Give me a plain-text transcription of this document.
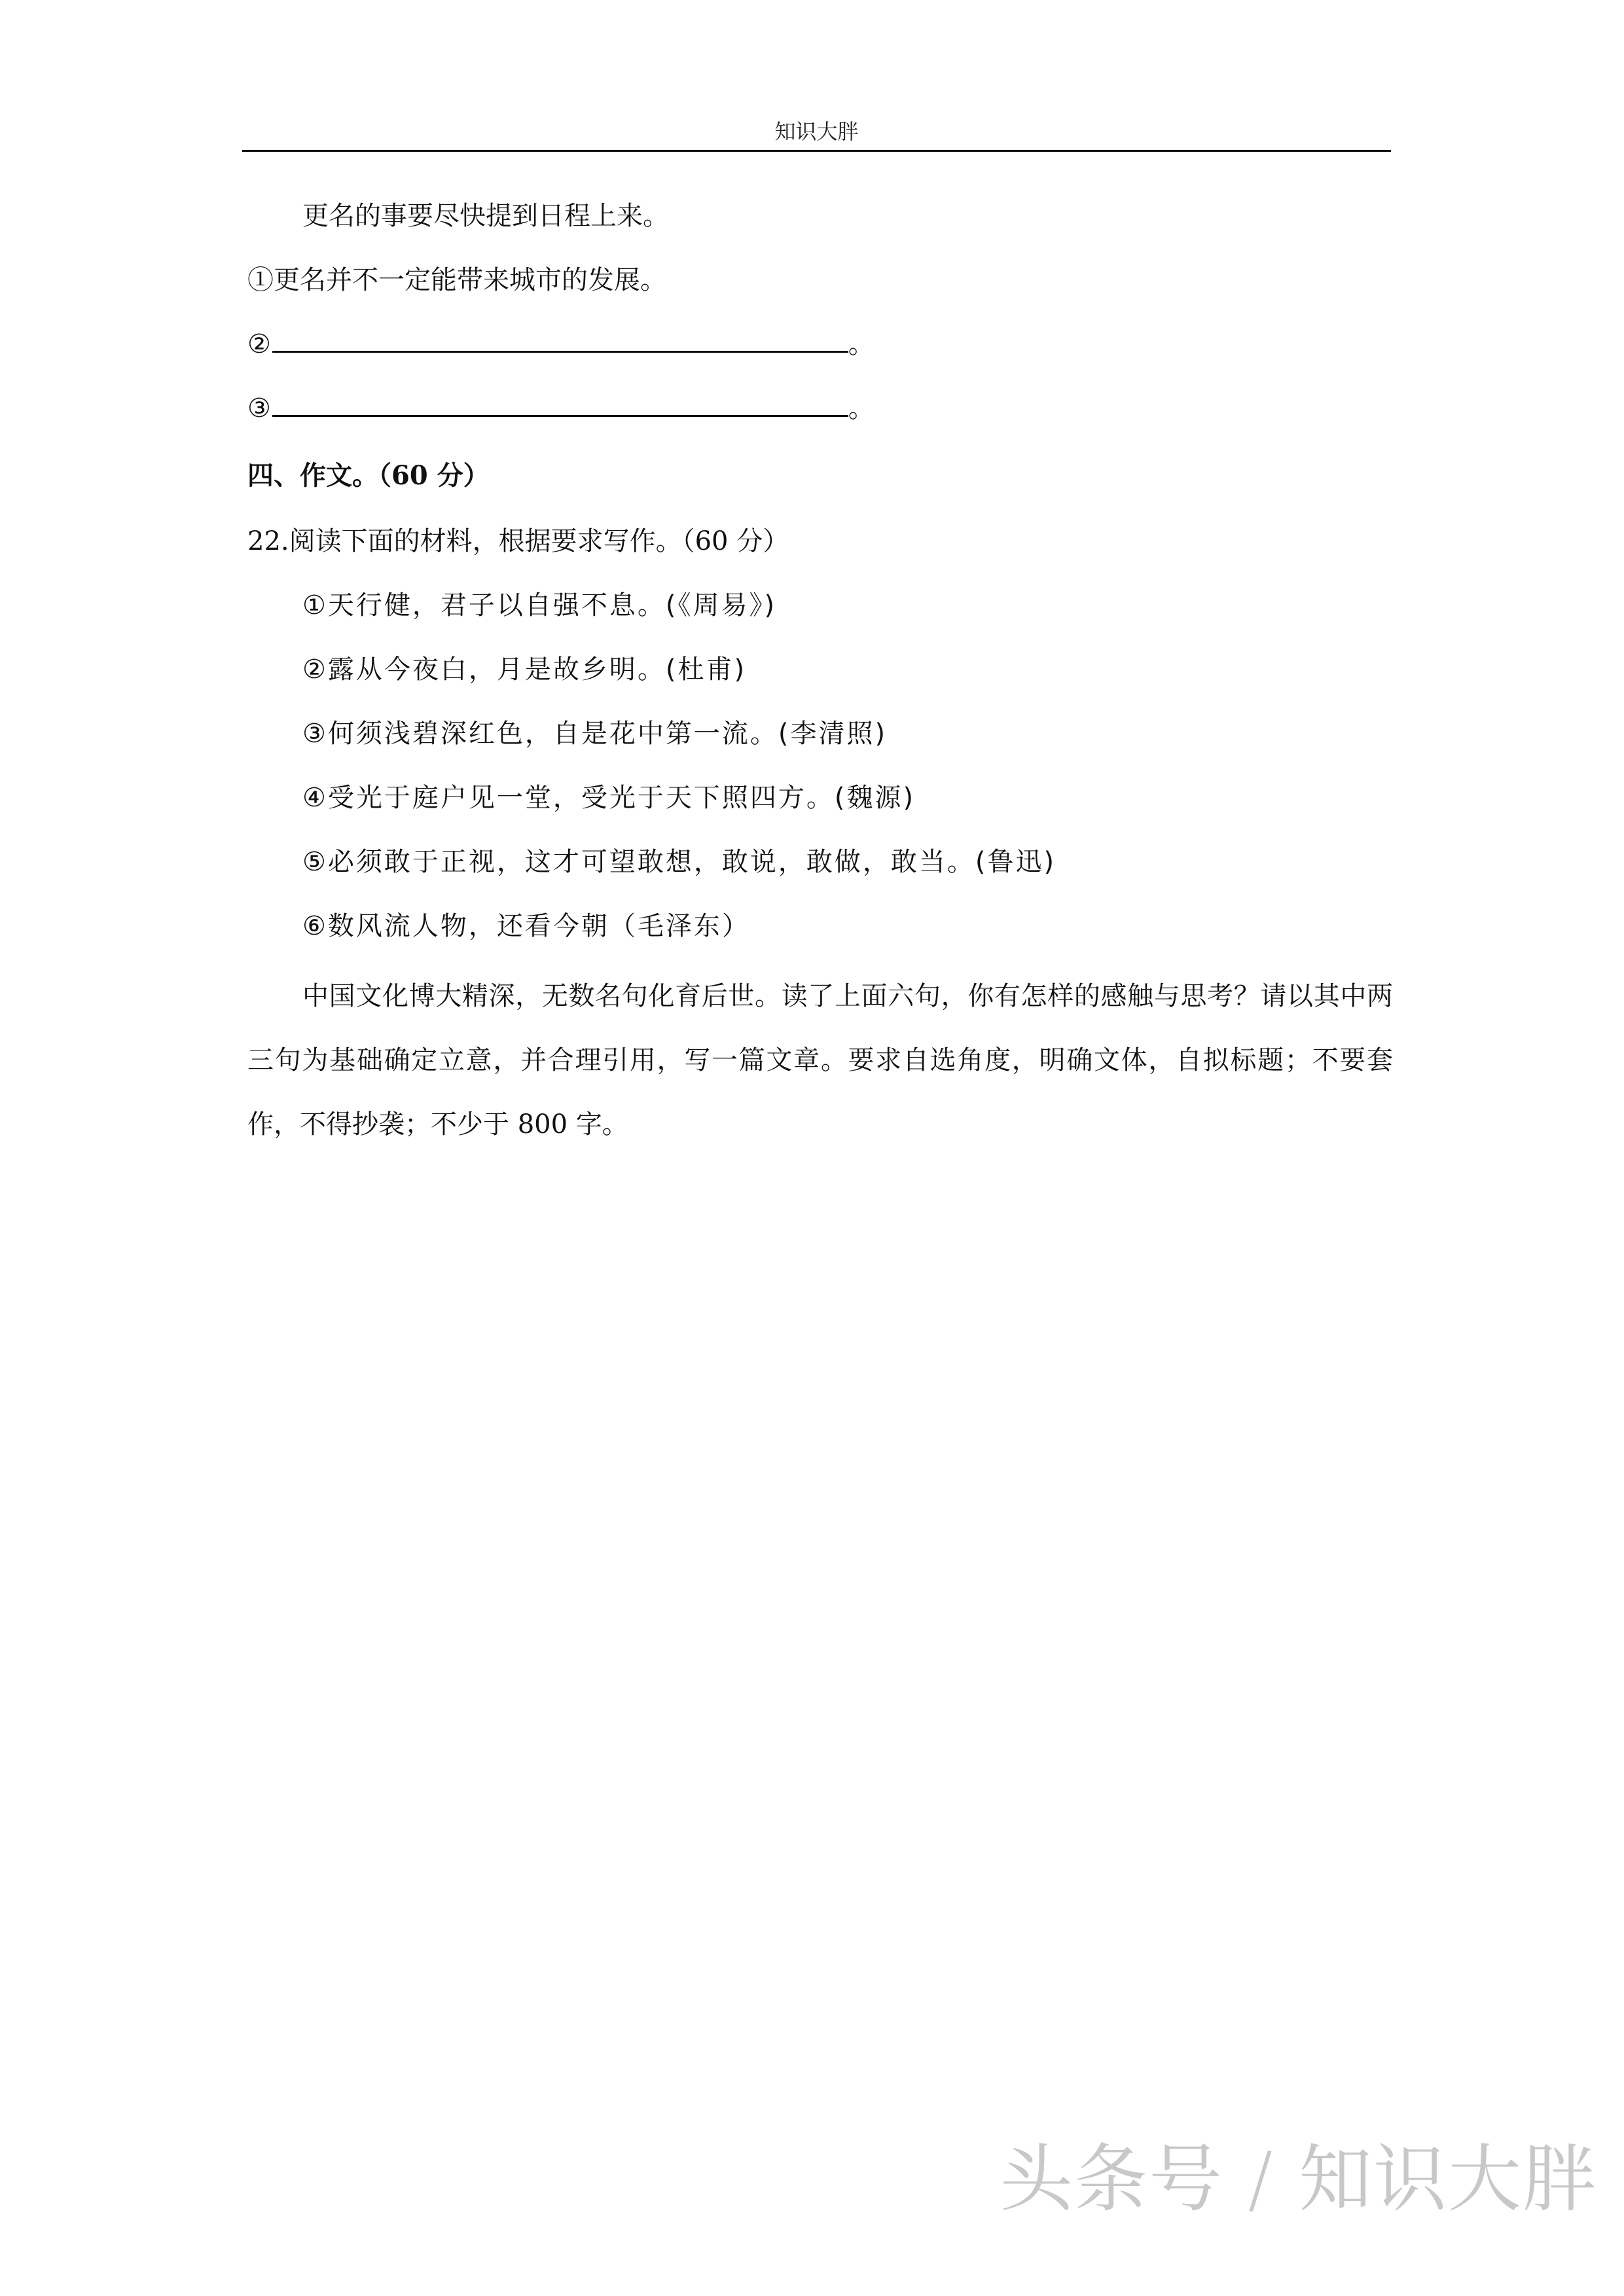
知识大胖
更名的事要尽快提到日程上来。
①更名并不一定能带来城市的发展。
②	。
③	。
四、作文。（60 分）
22.阅读下面的材料，根据要求写作。（60 分）
①天行健，君子以自强不息。(《周易》)
②露从今夜白，月是故乡明。(杜甫)
③何须浅碧深红色，自是花中第一流。(李清照)
④受光于庭户见一堂，受光于天下照四方。(魏源)
⑤必须敢于正视，这才可望敢想，敢说，敢做，敢当。(鲁迅)
⑥数风流人物，还看今朝（毛泽东）
中国文化博大精深，无数名句化育后世。读了上面六句，你有怎样的感触与思考？请以其中两三句为基础确定立意，并合理引用，写一篇文章。要求自选角度，明确文体，自拟标题；不要套作，不得抄袭；不少于 800 字。
头条号 / 知识大胖
